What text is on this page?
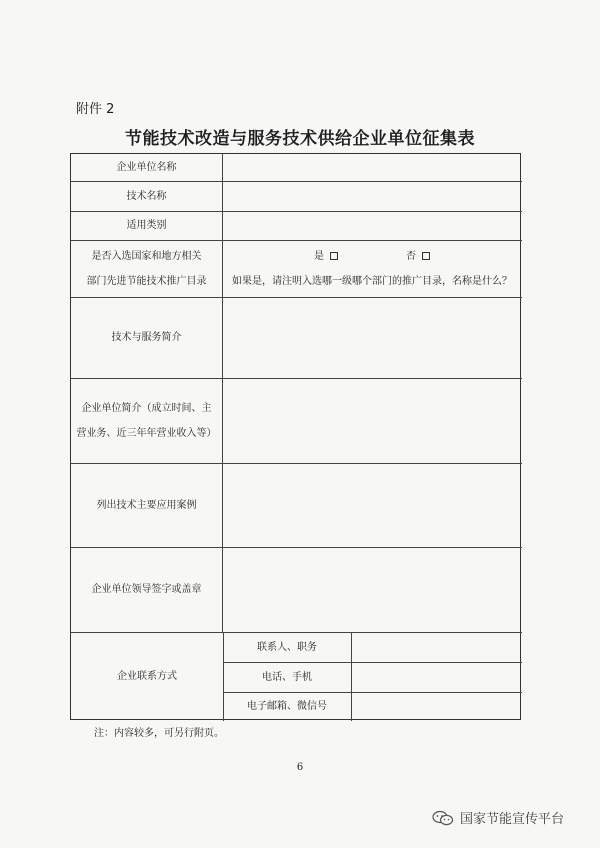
附件 2
节能技术改造与服务技术供给企业单位征集表
企业单位名称
技术名称
适用类别
是否入选国家和地方相关
部门先进节能技术推广目录
是	否
如果是，请注明入选哪一级哪个部门的推广目录，名称是什么？
技术与服务简介
企业单位简介（成立时间、主
营业务、近三年年营业收入等）
列出技术主要应用案例
企业单位领导签字或盖章
企业联系方式
联系人、职务
电话、手机
电子邮箱、微信号
注：内容较多，可另行附页。
6
国家节能宣传平台
